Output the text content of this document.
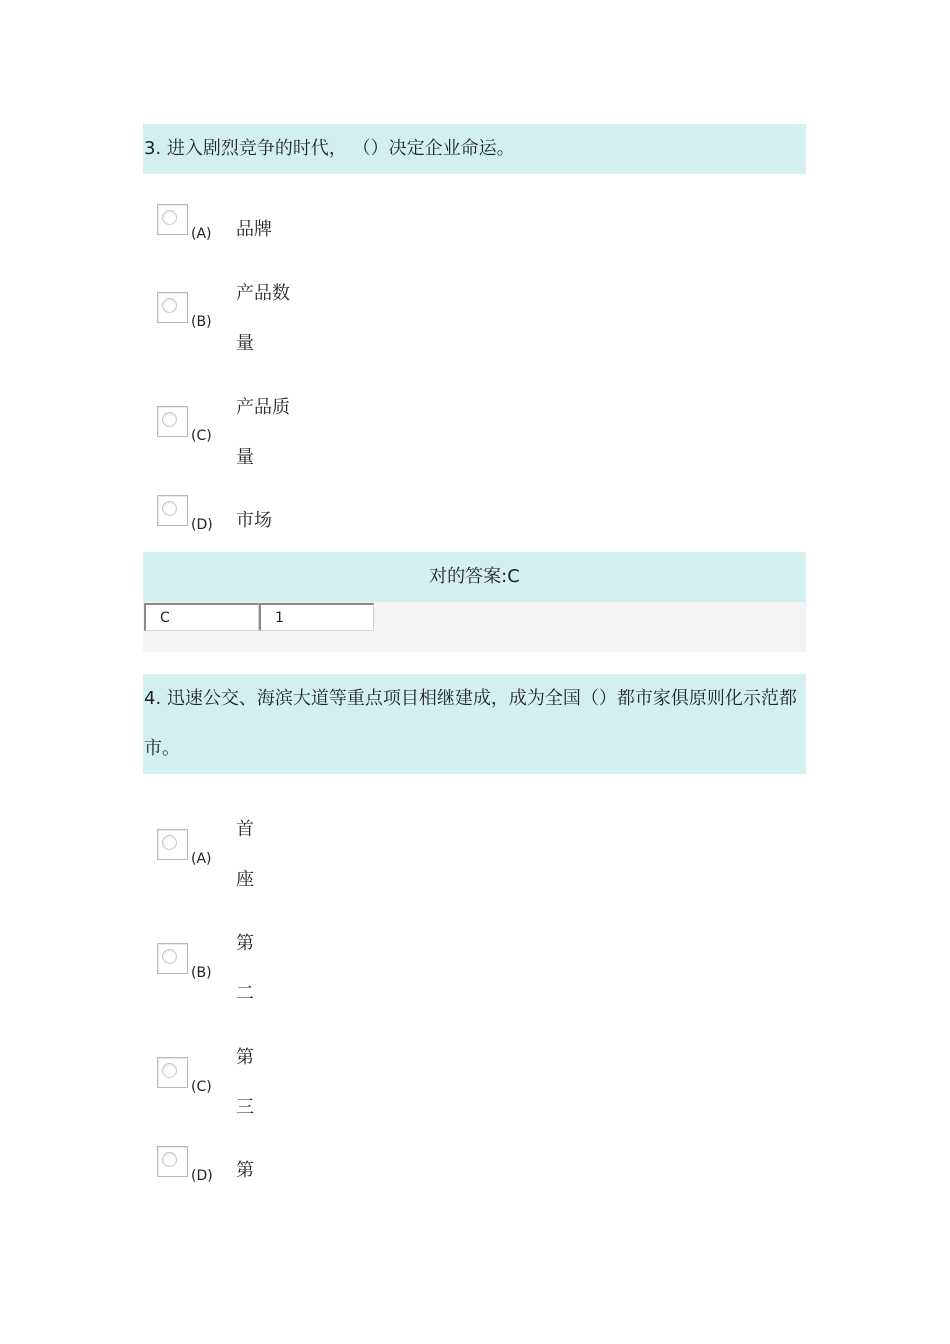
3. 进入剧烈竞争的时代， （）决定企业命运。
(A) 品牌
(B)
产品数量
(C)
产品质量
(D) 市场
对的答案:C
C	1
4. 迅速公交、海滨大道等重点项目相继建成，成为全国（）都市家俱原则化示范都市。
(A)
首座
(B)
第二
(C)
第三
(D) 第
